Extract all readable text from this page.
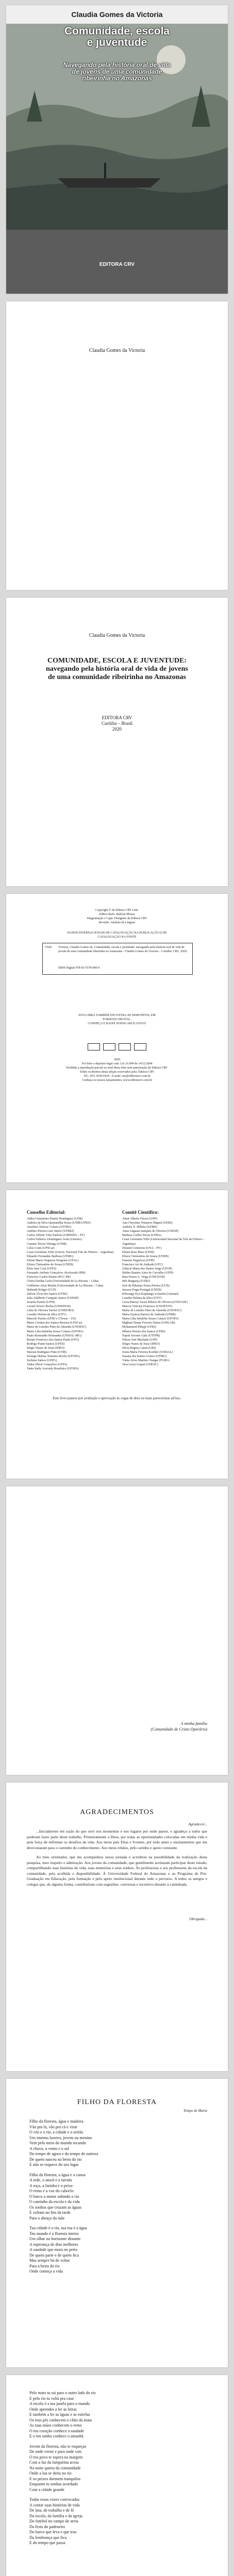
Claudia Gomes da Victoria
Comunidade, escola
e juventude
Navegando pela história oral de vida
de jovens de uma comunidade
ribeirinha no Amazonas
EDITORA CRV
Claudia Gomes da Victoria
Claudia Gomes da Victoria
COMUNIDADE, ESCOLA E JUVENTUDE:
navegando pela história oral de vida de jovens
de uma comunidade ribeirinha no Amazonas
EDITORA CRV
Curitiba – Brasil
2020
Copyright © da Editora CRV Ltda.
Editor-chefe: Railson Moura
Diagramação e Capa: Designers da Editora CRV
Revisão: Analista de Línguas
DADOS INTERNACIONAIS DE CATALOGAÇÃO NA PUBLICAÇÃO (CIP)
CATALOGAÇÃO NA FONTE
V643 Victoria, Claudia Gomes da. Comunidade, escola e juventude: navegando pela história oral de vida de jovens de uma comunidade ribeirinha no Amazonas / Claudia Gomes da Victoria – Curitiba: CRV, 2020.
ISBN Digital 978-65-5578-000-0
ESTA OBRA TAMBÉM ENCONTRA-SE DISPONÍVEL EM
FORMATO DIGITAL.
CONHEÇA E BAIXE NOSSO APLICATIVO!

2020
Foi feito o depósito legal conf. Lei 10.994 de 14/12/2004
Proibida a reprodução parcial ou total desta obra sem autorização da Editora CRV
Todos os direitos desta edição reservados pela: Editora CRV
Tel.: (41) 3039-6418 - E-mail: sac@editoracrv.com.br
Conheça os nossos lançamentos: www.editoracrv.com.br
Conselho Editorial:	Comitê Científico:
Aldira Guimarães Duarte Domínguez (UNB)
Andréia da Silva Quintanilha Sousa (UNIR/UFRN)
Anselmo Alencar Colares (UFOPA)
Antônio Pereira Gaio Júnior (UFRRJ)
Carlos Alberto Vilar Estêvão (UMINHO – PT)
Carlos Federico Dominguez Avila (Unieuro)
Carmen Tereza Velanga (UNIR)
Celso Conti (UFSCar)
Cesar Gerónimo Tello (Univer. Nacional Três de Febrero – Argentina)
Eduardo Fernandes Barbosa (UFMG)
Elione Maria Nogueira Diogenes (UFAL)
Elizeu Clementino de Souza (UNEB)
Élsio José Corá (UFFS)
Fernando Antônio Gonçalves Alcoforado (IPB)
Francisco Carlos Duarte (PUC-PR)
Gloria Fariñas León (Universidade de La Havana – Cuba)
Guillermo Arias Beatón (Universidade de La Havana – Cuba)
Helmuth Krüger (UCP)
Jailson Alves dos Santos (UFRJ)
João Adalberto Campato Junior (UNESP)
Josania Portela (UFPI)
Leonel Severo Rocha (UNISINOS)
Lídia de Oliveira Xavier (UNIEURO)
Lourdes Helena da Silva (UFV)
Marcelo Paixão (UFRJ e UTexas – US)
Maria Cristina dos Santos Bezerra (UFSCar)
Maria de Lourdes Pinto de Almeida (UNOESC)
Maria Lília Imbiriba Sousa Colares (UFOPA)
Paulo Romualdo Hernandes (UNIFAL-MG)
Renato Francisco dos Santos Paula (UFG)
Rodrigo Pratte-Santos (UFES)
Sérgio Nunes de Jesus (IFRO)
Simone Rodrigues Pinto (UNB)
Solange Helena Ximenes-Rocha (UFOPA)
Sydione Santos (UEPG)
Tadeu Oliver Gonçalves (UFPA)
Tania Suely Azevedo Brasileiro (UFOPA)
Altair Alberto Fávero (UPF)
Ana Chrystina Venancio Mignot (UERJ)
Andréia N. Militão (UEMS)
Anna Augusta Sampaio de Oliveira (UNESP)
Barbara Coelho Neves (UFBA)
Cesar Gerónimo Tello (Universidad Nacional de Três de Febrero – Argentina)
Diosnel Centurion (UNA – PY)
Eliane Rose Maio (UEM)
Elizeu Clementino de Souza (UNEB)
Fauston Negreiros (UFPI)
Francisco Ari de Andrade (UFC)
Gláucia Maria dos Santos Jorge (UFOP)
Helder Buenos Aires de Carvalho (UFPI)
Ilma Passos A. Veiga (UNICEUB)
Inês Bragança (UERJ)
José de Ribamar Sousa Pereira (UCB)
Jussara Fraga Portugal (UNEB)
Kilwangy Kya Kapitango-a-Samba (Unemat)
Lourdes Helena da Silva (UFV)
Lucia Marisy Souza Ribeiro de Oliveira (UNIVASF)
Marcos Vinicius Francisco (UNOESTE)
Maria de Lourdes Pinto de Almeida (UNOESC)
Maria Eurácia Barreto de Andrade (UFRB)
Maria Lília Imbiriba Sousa Colares (UFOPA)
Míghian Danae Ferreira Nunes (UNILAB)
Mohammed Elhajji (UFRJ)
Mônica Pereira dos Santos (UFRJ)
Najela Tavares Ujiie (UTFPR)
Nilson José Machado (USP)
Sérgio Nunes de Jesus (IFRO)
Silvia Regina Canan (URI)
Sonia Maria Ferreira Koehler (UNISAL)
Suzana dos Santos Gomes (UFMG)
Vânia Alves Martins Chaigar (FURG)
Vera Lucia Gaspar (UDESC)
Este livro passou por avaliação e aprovação às cegas de dois ou mais pareceristas ad hoc.
A minha família
(Comunidade de Cristo Operário)
AGRADECIMENTOS
Agradecer...

...Inicialmente em razão do que ouvi nos momentos e nos lugares por onde passei, e agradeço a todos que puderam fazer parte deste trabalho. Primeiramente a Deus, por todas as oportunidades colocadas em minha vida e pela força de enfrentar os desafios da vida. Aos meus pais Elias e Ivonete, por todo amor e ensinamentos que me direcionaram para o caminho do conhecimento. Aos meus irmãos, pelo carinho e apoio constante.

Ao meu orientador, que me acompanhou nessa jornada e acreditou na possibilidade da realização desta pesquisa, meu respeito e admiração. Aos jovens da comunidade, que gentilmente aceitaram participar deste estudo, compartilhando suas histórias de vida, suas memórias e seus sonhos. Às professoras e aos professores da escola da comunidade, pela acolhida e disponibilidade. À Universidade Federal do Amazonas e ao Programa de Pós-Graduação em Educação, pela formação e pelo apoio institucional durante todo o percurso. A todos os amigos e colegas que, de alguma forma, contribuíram com sugestões, conversas e incentivo durante a caminhada.

Obrigada...
FILHO DA FLORESTA
Tempo de Maria

Filho da floresta, água e madeira

Vão pra lá, vão pra cá e virar

O céu e o rio, a cidade e o sertão

Um imenso luzeiro, jovem ou menino

Vem pelo meio do mundo tocando

A chuva, o vento e o sol

Do tempo de agora e do tempo de outrora

De quem nasceu na beira do rio

E não se esquece do seu lugar

Filho da floresta, a água e a canoa

A rede, o anzol e a tarrafa

A roça, a farinha e o peixe

O remo e a voz do caboclo

O barco a motor subindo o rio

O caminho da escola e da vida

Os sonhos que cruzam as águas

E voltam no fim da tarde

Para o abraço da mãe

Tua cidade é o rio, tua rua é a água

Teu mundo é a floresta inteira

Um olhar no horizonte distante

A esperança de dias melhores

A saudade que mora no peito

De quem parte e de quem fica

Mas sempre há de voltar

Para a beira do rio

Onde começa a vida

Pelo mato tu sai para o outro lado do rio

E pelo rio tu volta pra casa

A escola é a tua janela para o mundo

Onde aprendes a ler as letras

E também a ler as águas e as estrelas

Os teus pés conhecem o chão da mata

As tuas mãos conhecem o remo

O teu coração conhece a saudade

E o teu sonho conhece o amanhã

Jovem da floresta, não te esqueças

De onde vieste e para onde vais

O teu povo te espera na margem

Com a luz da lamparina acesa

Na noite quieta da comunidade

Onde a lua se deita no rio

E os peixes dormem tranquilos

Enquanto tu sonhas acordado

Com a cidade grande

Todas essas vozes convocadas

A contar suas histórias de vida

De luta, de trabalho e de fé

Da escola, da família e da igreja

Do futebol no campo de areia

Da festa do padroeiro

Do barco que leva e que traz

Da lembrança que fica

E do tempo que passa
